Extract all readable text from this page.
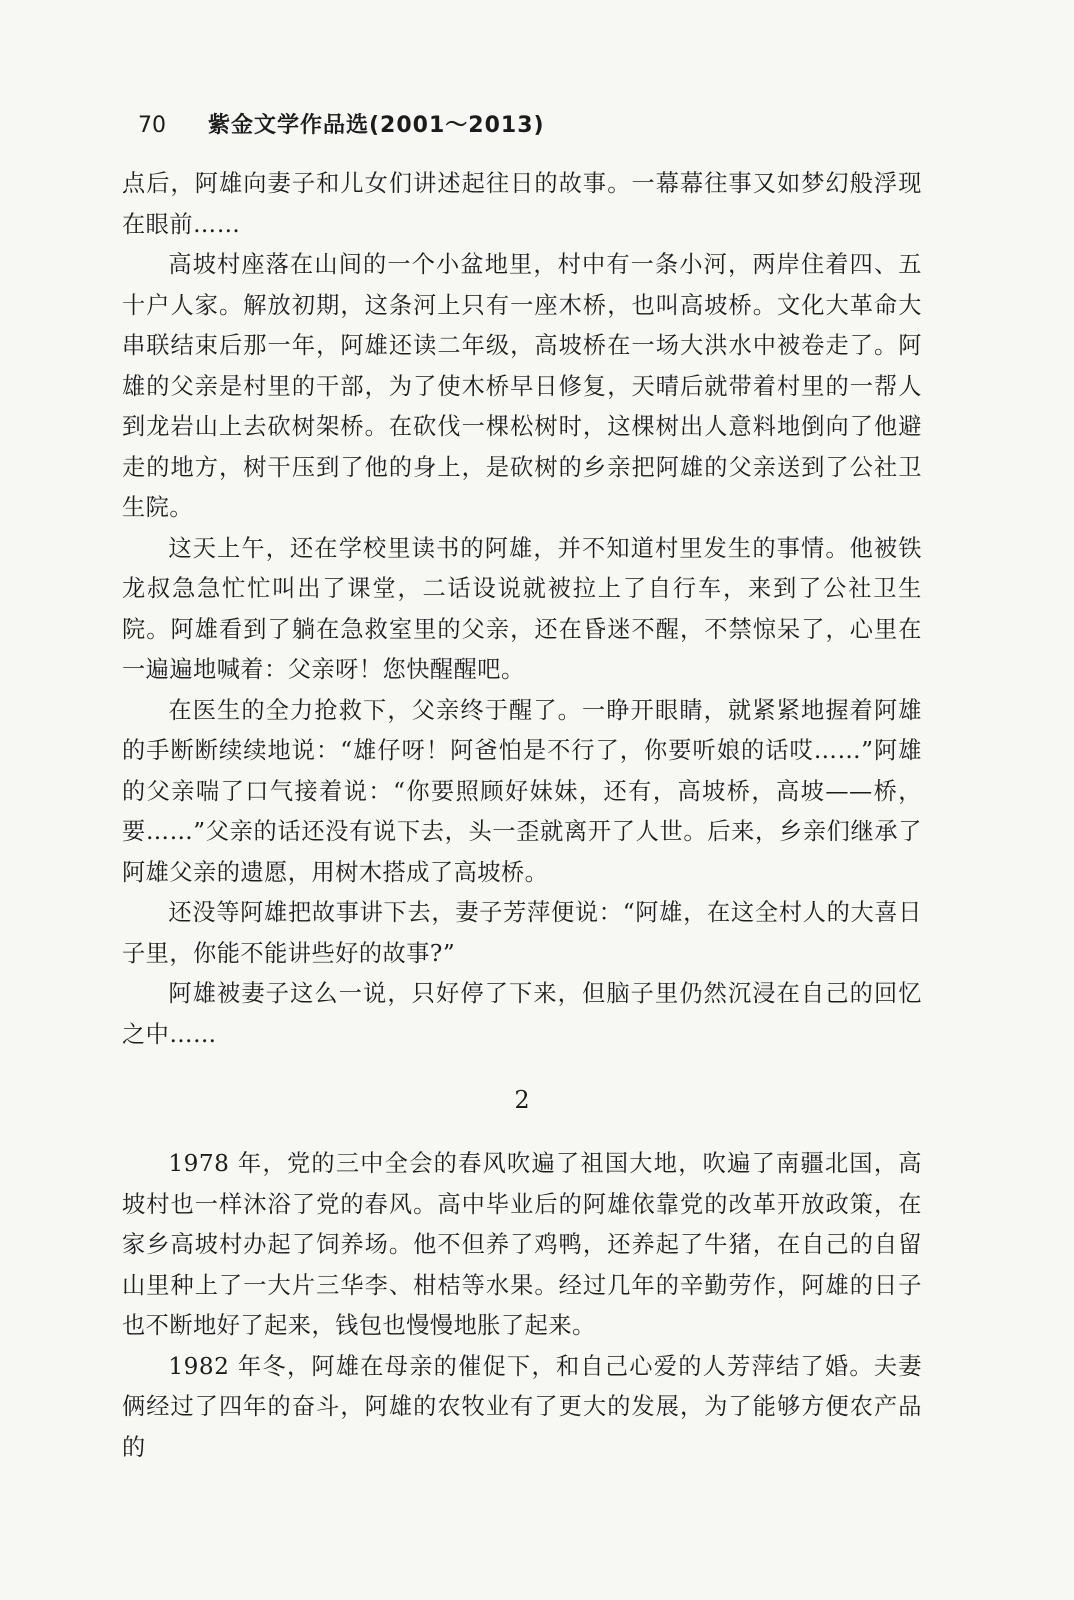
70	紫金文学作品选(2001～2013)

点后，阿雄向妻子和儿女们讲述起往日的故事。一幕幕往事又如梦幻般浮现在眼前……

高坡村座落在山间的一个小盆地里，村中有一条小河，两岸住着四、五十户人家。解放初期，这条河上只有一座木桥，也叫高坡桥。文化大革命大串联结束后那一年，阿雄还读二年级，高坡桥在一场大洪水中被卷走了。阿雄的父亲是村里的干部，为了使木桥早日修复，天晴后就带着村里的一帮人到龙岩山上去砍树架桥。在砍伐一棵松树时，这棵树出人意料地倒向了他避走的地方，树干压到了他的身上，是砍树的乡亲把阿雄的父亲送到了公社卫生院。

这天上午，还在学校里读书的阿雄，并不知道村里发生的事情。他被铁龙叔急急忙忙叫出了课堂，二话设说就被拉上了自行车，来到了公社卫生院。阿雄看到了躺在急救室里的父亲，还在昏迷不醒，不禁惊呆了，心里在一遍遍地喊着：父亲呀！您快醒醒吧。

在医生的全力抢救下，父亲终于醒了。一睁开眼睛，就紧紧地握着阿雄的手断断续续地说：“雄仔呀！阿爸怕是不行了，你要听娘的话哎……”阿雄的父亲喘了口气接着说：“你要照顾好妹妹，还有，高坡桥，高坡——桥，要……”父亲的话还没有说下去，头一歪就离开了人世。后来，乡亲们继承了阿雄父亲的遗愿，用树木搭成了高坡桥。

还没等阿雄把故事讲下去，妻子芳萍便说：“阿雄，在这全村人的大喜日子里，你能不能讲些好的故事?”

阿雄被妻子这么一说，只好停了下来，但脑子里仍然沉浸在自己的回忆之中……

2

1978 年，党的三中全会的春风吹遍了祖国大地，吹遍了南疆北国，高坡村也一样沐浴了党的春风。高中毕业后的阿雄依靠党的改革开放政策，在家乡高坡村办起了饲养场。他不但养了鸡鸭，还养起了牛猪，在自己的自留山里种上了一大片三华李、柑桔等水果。经过几年的辛勤劳作，阿雄的日子也不断地好了起来，钱包也慢慢地胀了起来。

1982 年冬，阿雄在母亲的催促下，和自己心爱的人芳萍结了婚。夫妻俩经过了四年的奋斗，阿雄的农牧业有了更大的发展，为了能够方便农产品的
